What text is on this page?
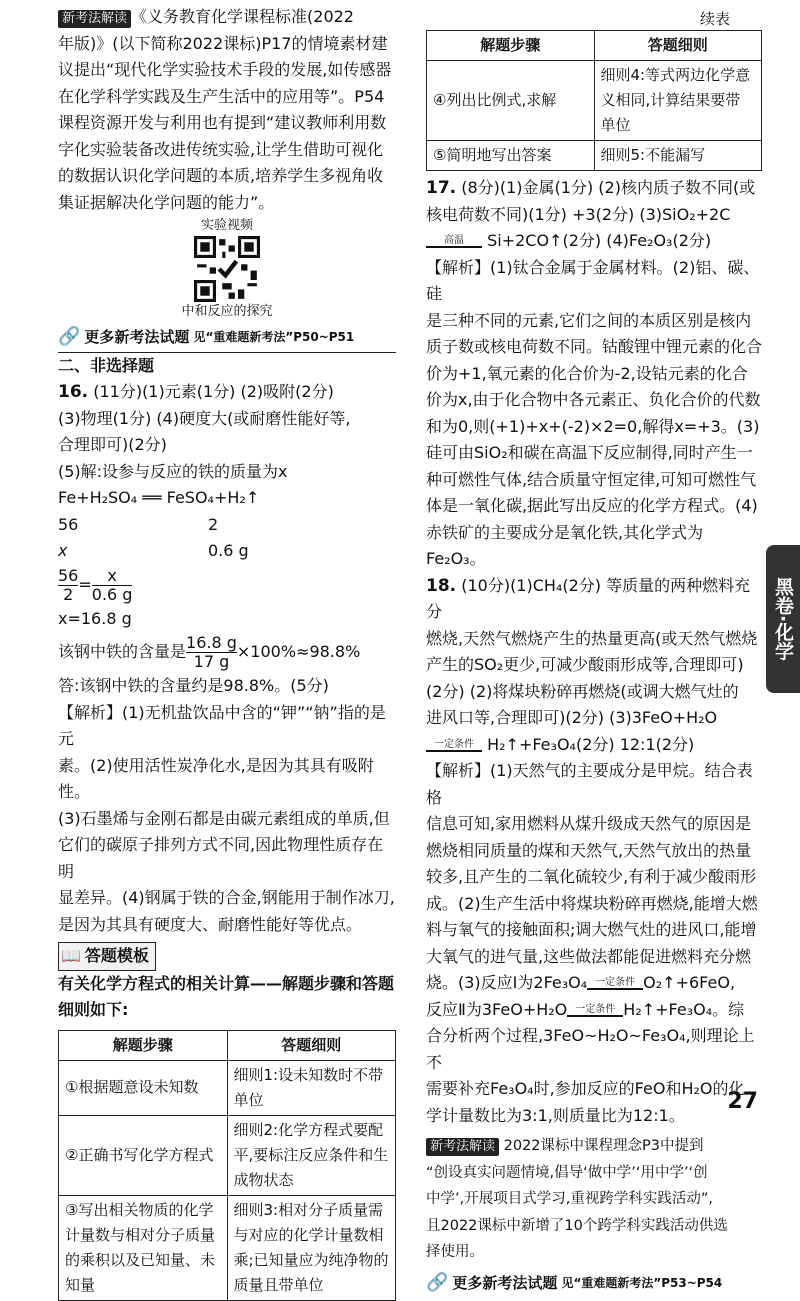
新考法解读 《义务教育化学课程标准(2022

年版)》(以下简称2022课标)P17的情境素材建

议提出“现代化学实验技术手段的发展,如传感器

在化学科学实践及生产生活中的应用等”。P54

课程资源开发与利用也有提到“建议教师利用数

字化实验装备改进传统实验,让学生借助可视化

的数据认识化学问题的本质,培养学生多视角收

集证据解决化学问题的能力”。

实验视频
中和反应的探究
🔗 更多新考法试题 见“重难题新考法”P50~P51

二、非选择题

16. (11分)(1)元素(1分) (2)吸附(2分)

(3)物理(1分) (4)硬度大(或耐磨性能好等,

合理即可)(2分)

(5)解:设参与反应的铁的质量为x

Fe+H₂SO₄ ══ FeSO₄+H₂↑

56	2

x	0.6 g

$\frac{56}{2} = \frac{x}{0.6 g}$

x=16.8 g

该钢中铁的含量是 $\frac{16.8 g}{17 g} \times 100\%\approx 98.8\%$

答:该钢中铁的含量约是98.8%。(5分)

【解析】(1)无机盐饮品中含的“钾”“钠”指的是元

素。(2)使用活性炭净化水,是因为其具有吸附性。

(3)石墨烯与金刚石都是由碳元素组成的单质,但

它们的碳原子排列方式不同,因此物理性质存在明

显差异。(4)钢属于铁的合金,钢能用于制作冰刀,

是因为其具有硬度大、耐磨性能好等优点。

📖 答题模板

有关化学方程式的相关计算——解题步骤和答题

细则如下:

解题步骤	答题细则
①根据题意设未知数	细则1:设未知数时不带单位
②正确书写化学方程式	细则2:化学方程式要配平,要标注反应条件和生成物状态
③写出相关物质的化学计量数与相对分子质量的乘积以及已知量、未知量	细则3:相对分子质量需与对应的化学计量数相乘;已知量应为纯净物的质量且带单位
续表
解题步骤	答题细则
④列出比例式,求解	细则4:等式两边化学意义相同,计算结果要带单位
⑤简明地写出答案	细则5:不能漏写

17. (8分)(1)金属(1分) (2)核内质子数不同(或

核电荷数不同)(1分) +3(2分) (3)SiO₂+2C

高温 Si+2CO↑(2分) (4)Fe₂O₃(2分)

【解析】(1)钛合金属于金属材料。(2)铝、碳、硅

是三种不同的元素,它们之间的本质区别是核内

质子数或核电荷数不同。钴酸锂中锂元素的化合

价为+1,氧元素的化合价为-2,设钴元素的化合

价为x,由于化合物中各元素正、负化合价的代数

和为0,则(+1)+x+(-2)×2=0,解得x=+3。(3)

硅可由SiO₂和碳在高温下反应制得,同时产生一

种可燃性气体,结合质量守恒定律,可知可燃性气

体是一氧化碳,据此写出反应的化学方程式。(4)

赤铁矿的主要成分是氧化铁,其化学式为Fe₂O₃。

18. (10分)(1)CH₄(2分) 等质量的两种燃料充分

燃烧,天然气燃烧产生的热量更高(或天然气燃烧

产生的SO₂更少,可减少酸雨形成等,合理即可)

(2分) (2)将煤块粉碎再燃烧(或调大燃气灶的

进风口等,合理即可)(2分) (3)3FeO+H₂O

一定条件 H₂↑+Fe₃O₄(2分) 12:1(2分)

【解析】(1)天然气的主要成分是甲烷。结合表格

信息可知,家用燃料从煤升级成天然气的原因是

燃烧相同质量的煤和天然气,天然气放出的热量

较多,且产生的二氧化硫较少,有利于减少酸雨形

成。(2)生产生活中将煤块粉碎再燃烧,能增大燃

料与氧气的接触面积;调大燃气灶的进风口,能增

大氧气的进气量,这些做法都能促进燃料充分燃

烧。(3)反应Ⅰ为2Fe₃O₄ 一定条件 O₂↑+6FeO,

反应Ⅱ为3FeO+H₂O 一定条件 H₂↑+Fe₃O₄。综

合分析两个过程,3FeO~H₂O~Fe₃O₄,则理论上不

需要补充Fe₃O₄时,参加反应的FeO和H₂O的化

学计量数比为3:1,则质量比为12:1。

新考法解读 2022课标中课程理念P3中提到

“创设真实问题情境,倡导‘做中学’‘用中学’‘创

中学’,开展项目式学习,重视跨学科实践活动”,

且2022课标中新增了10个跨学科实践活动供选

择使用。

🔗 更多新考法试题 见“重难题新考法”P53~P54
黑卷·化学
27
